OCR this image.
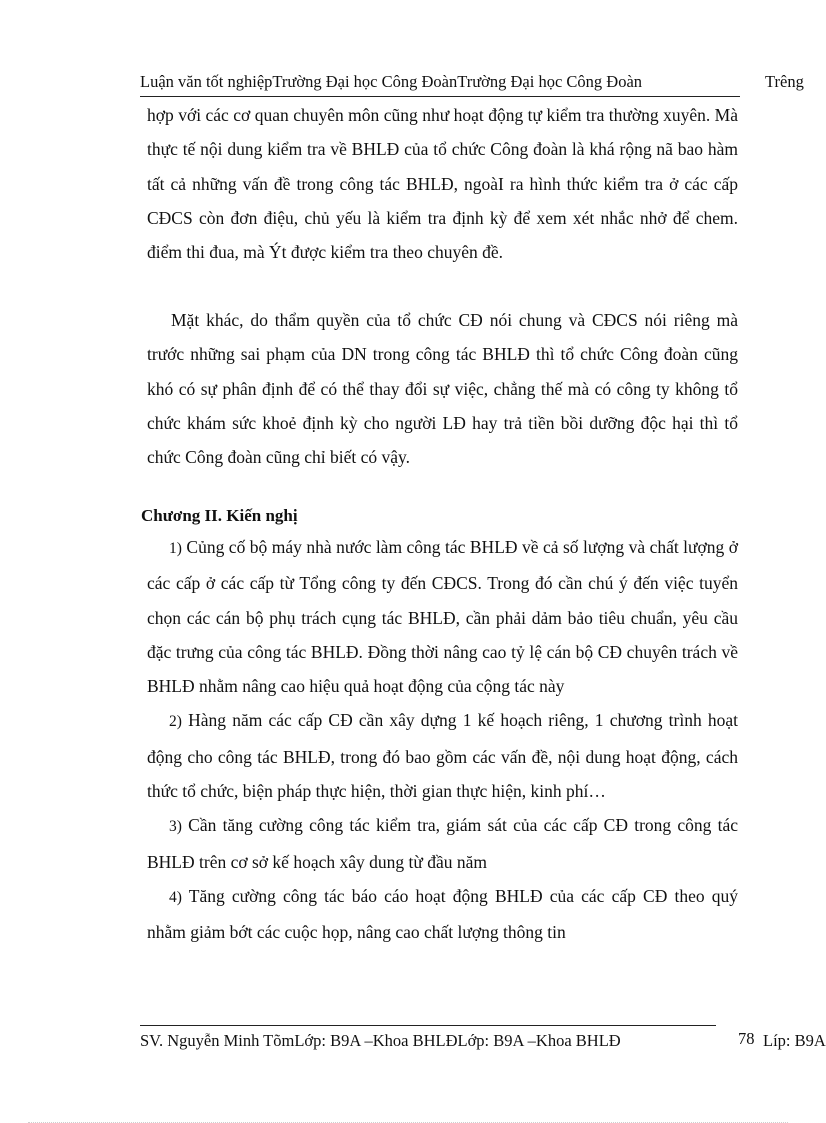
Luận văn tốt nghiệpTrường Đại học Công ĐoànTrường Đại học Công Đoàn	Trêng
hợp với các cơ quan chuyên môn cũng như hoạt động tự kiểm tra thường xuyên. Mà thực tế nội dung kiểm tra về BHLĐ của tổ chức Công đoàn là khá rộng nã bao hàm tất cả những vấn đề trong công tác BHLĐ, ngoàI ra hình thức kiểm tra ở các cấp CĐCS còn đơn điệu, chủ yếu là kiểm tra định kỳ để xem xét nhắc nhở để chem. điểm thi đua, mà Ýt được kiểm tra theo chuyên đề.
Mặt khác, do thẩm quyền của tổ chức CĐ nói chung và CĐCS nói riêng mà trước những sai phạm của DN trong công tác BHLĐ thì tổ chức Công đoàn cũng khó có sự phân định để có thể thay đổi sự việc, chẳng thế mà có công ty không tổ chức khám sức khoẻ định kỳ cho người LĐ hay trả tiền bồi dưỡng độc hại thì tổ chức Công đoàn cũng chỉ biết có vậy.
Chương II. Kiến nghị
1) Củng cố bộ máy nhà nước làm công tác BHLĐ về cả số lượng và chất lượng ở các cấp ở các cấp từ Tổng công ty đến CĐCS. Trong đó cần chú ý đến việc tuyển chọn các cán bộ phụ trách cụng tác BHLĐ, cần phải dảm bảo tiêu chuẩn, yêu cầu đặc trưng của công tác BHLĐ. Đồng thời nâng cao tỷ lệ cán bộ CĐ chuyên trách về BHLĐ nhằm nâng cao hiệu quả hoạt động của cộng tác này
2) Hàng năm các cấp CĐ cần xây dựng 1 kế hoạch riêng, 1 chương trình hoạt động cho công tác BHLĐ, trong đó bao gồm các vấn đề, nội dung hoạt động, cách thức tổ chức, biện pháp thực hiện, thời gian thực hiện, kinh phí…
3) Cần tăng cường công tác kiểm tra, giám sát của các cấp CĐ trong công tác BHLĐ trên cơ sở kế hoạch xây dung từ đầu năm
4) Tăng cường công tác báo cáo hoạt động BHLĐ của các cấp CĐ theo quý nhằm giảm bớt các cuộc họp, nâng cao chất lượng thông tin
SV. Nguyễn Minh TõmLớp: B9A –Khoa BHLĐLớp: B9A –Khoa BHLĐ	78 Líp: B9A
